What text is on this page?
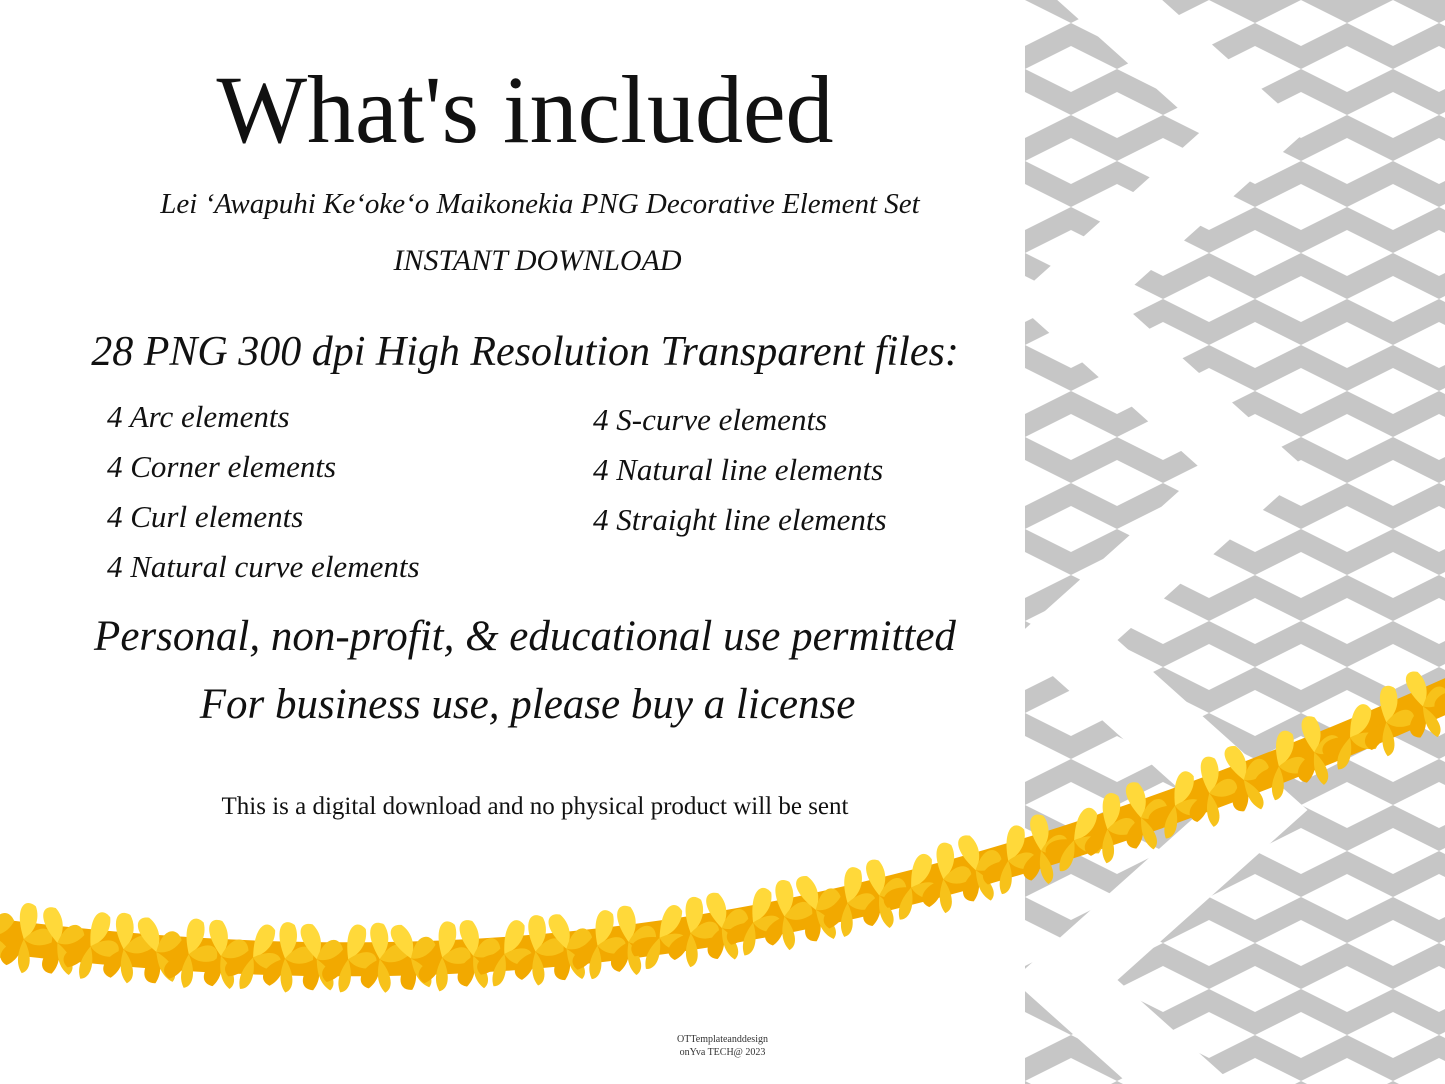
What's included
Lei ʻAwapuhi Keʻokeʻo Maikonekia PNG Decorative Element Set
INSTANT DOWNLOAD
28 PNG 300 dpi High Resolution Transparent files:
4 Arc elements
4 Corner elements
4 Curl elements
4 Natural curve elements
4 S-curve elements
4 Natural line elements
4 Straight line elements
Personal, non-profit, & educational use permitted
For business use, please buy a license
This is a digital download and no physical product will be sent
OTTemplateanddesign
onYva TECH@ 2023
